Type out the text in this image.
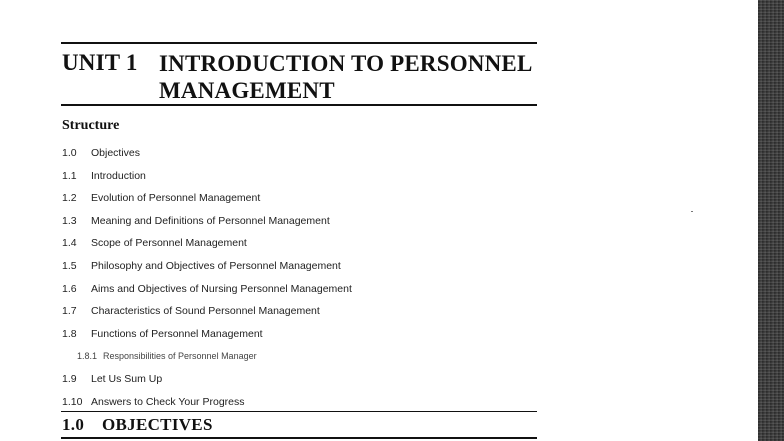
UNIT 1 INTRODUCTION TO PERSONNEL MANAGEMENT
Structure
1.0 Objectives
1.1 Introduction
1.2 Evolution of Personnel Management
1.3 Meaning and Definitions of Personnel Management
1.4 Scope of Personnel Management
1.5 Philosophy and Objectives of Personnel Management
1.6 Aims and Objectives of Nursing Personnel Management
1.7 Characteristics of Sound Personnel Management
1.8 Functions of Personnel Management
1.8.1 Responsibilities of Personnel Manager
1.9 Let Us Sum Up
1.10 Answers to Check Your Progress
1.0 OBJECTIVES
